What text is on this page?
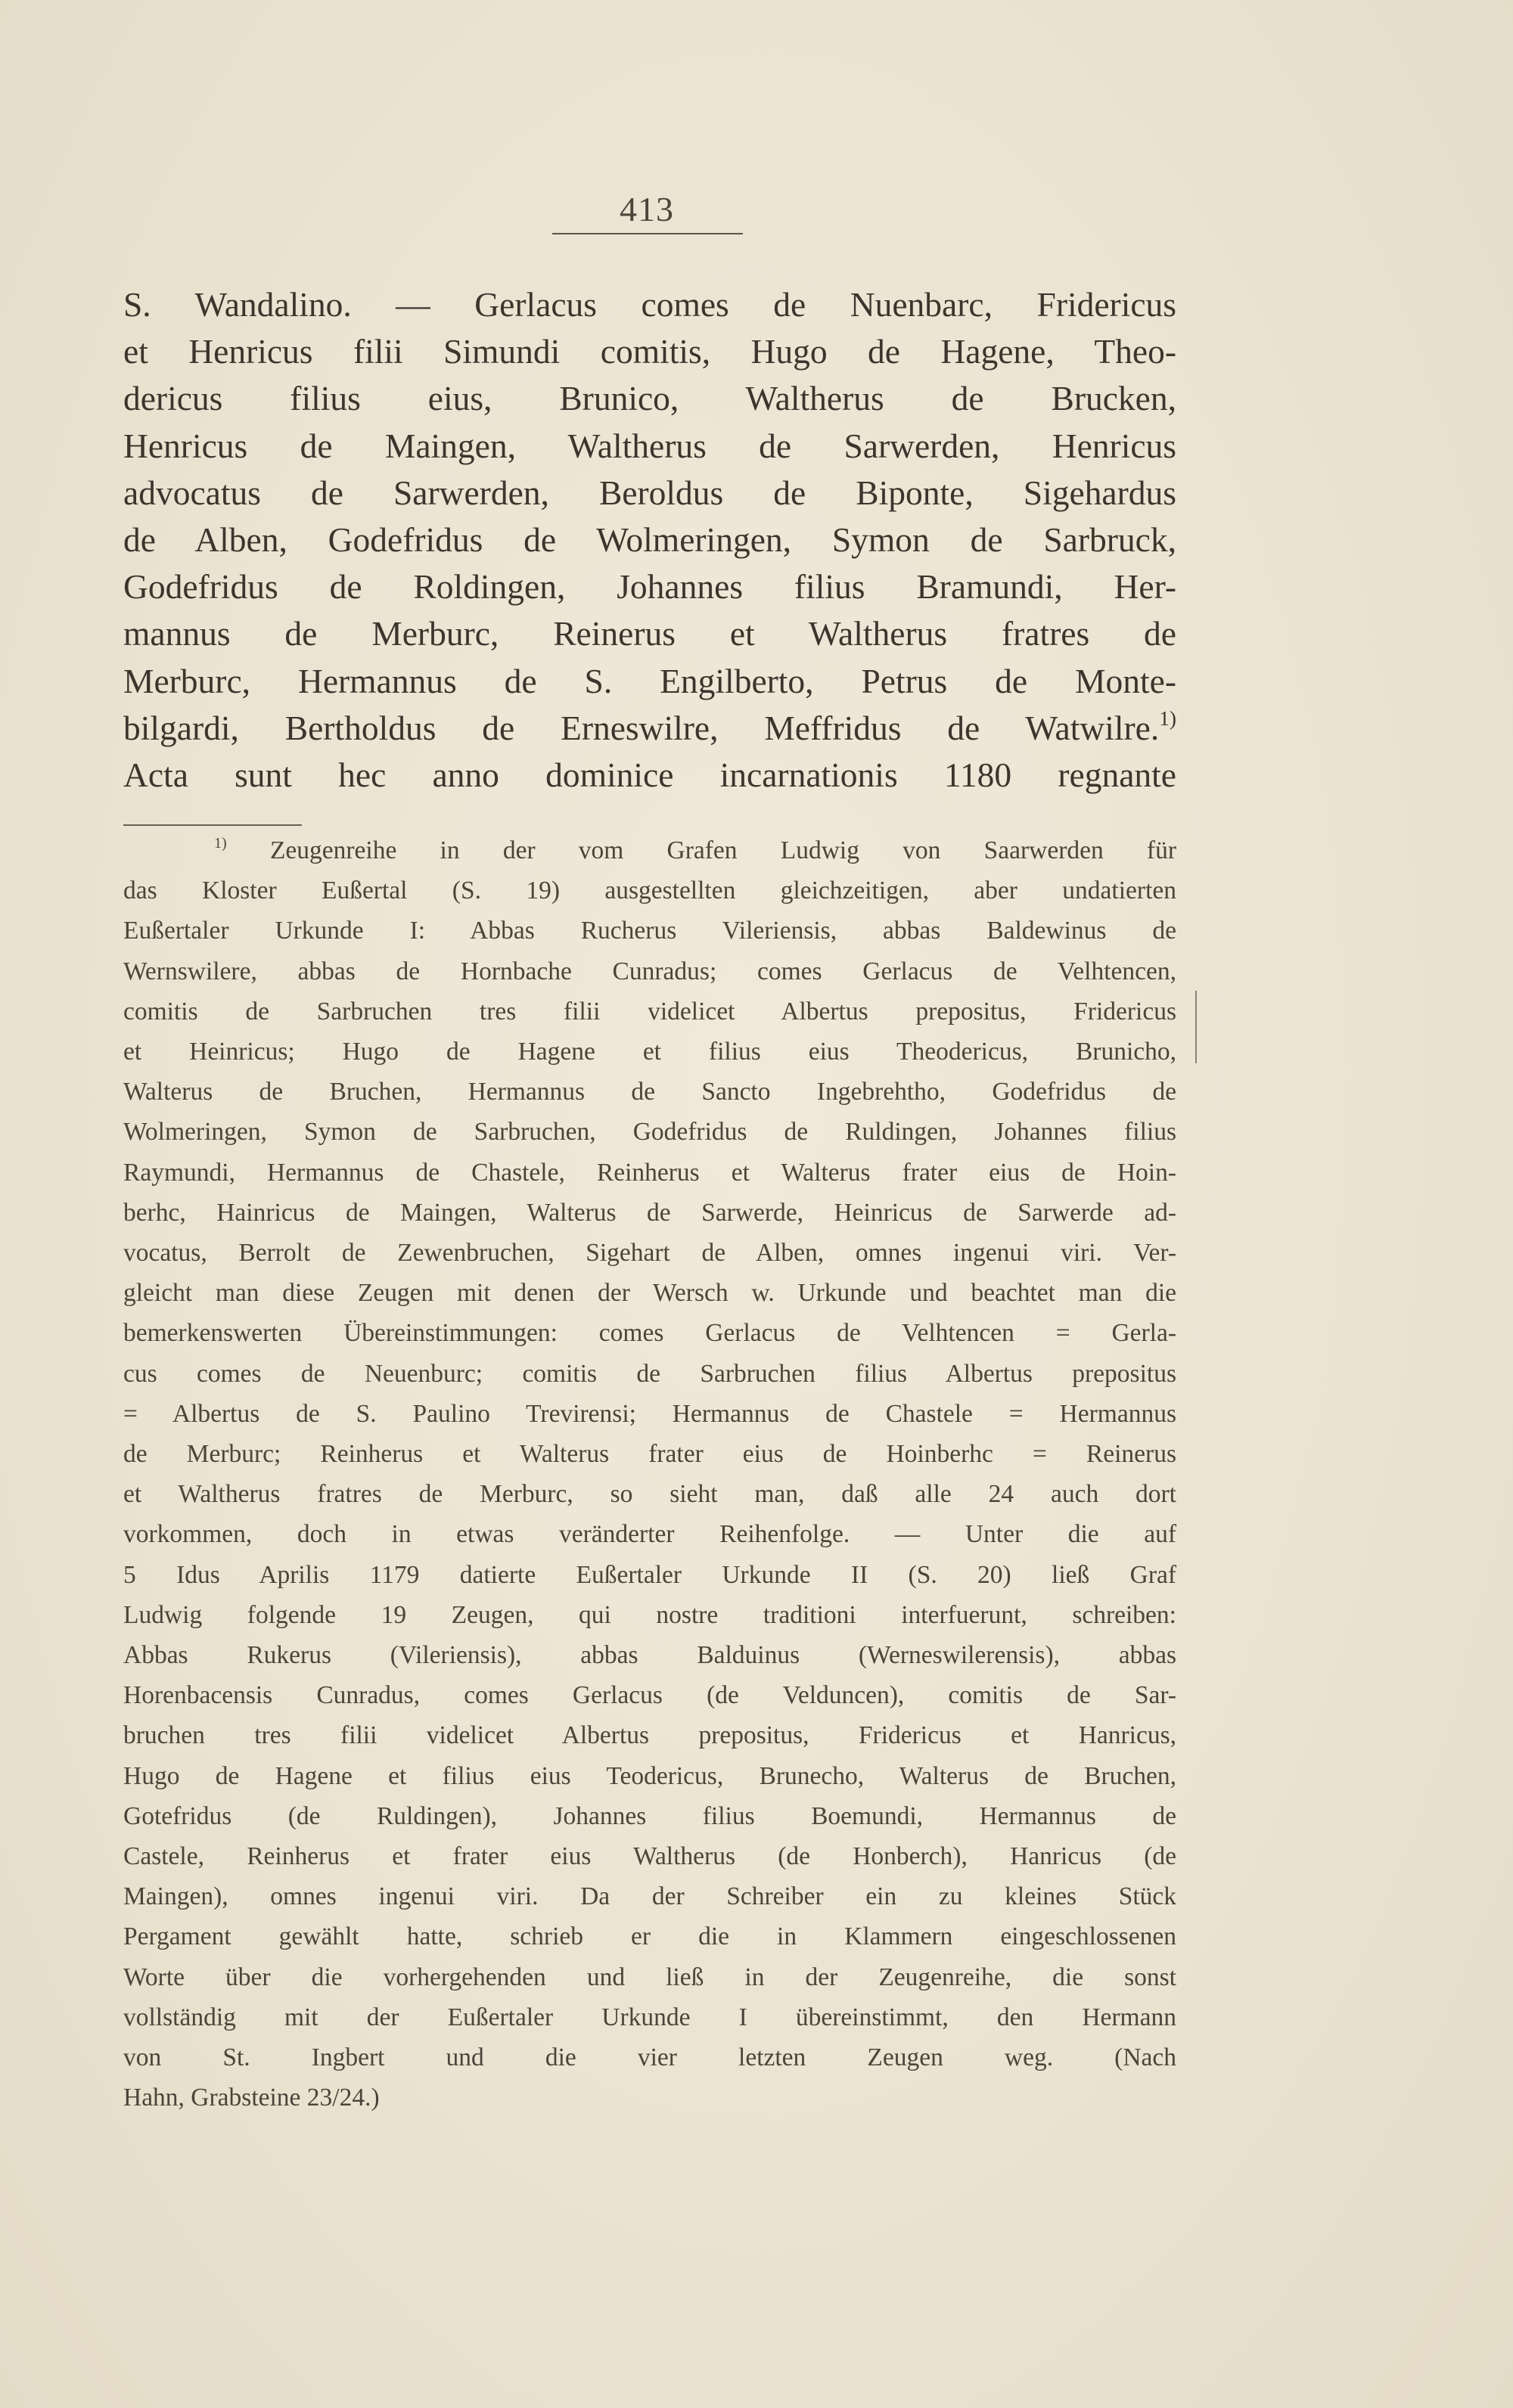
413
S. Wandalino. — Gerlacus comes de Nuenbarc, Fridericus
et Henricus filii Simundi comitis, Hugo de Hagene, Theo-
dericus filius eius, Brunico, Waltherus de Brucken,
Henricus de Maingen, Waltherus de Sarwerden, Henricus
advocatus de Sarwerden, Beroldus de Biponte, Sigehardus
de Alben, Godefridus de Wolmeringen, Symon de Sarbruck,
Godefridus de Roldingen, Johannes filius Bramundi, Her-
mannus de Merburc, Reinerus et Waltherus fratres de
Merburc, Hermannus de S. Engilberto, Petrus de Monte-
bilgardi, Bertholdus de Erneswilre, Meffridus de Watwilre.$^{1)}$
Acta sunt hec anno dominice incarnationis 1180 regnante
$^{1)}$ Zeugenreihe in der vom Grafen Ludwig von Saarwerden für
das Kloster Eußertal (S. 19) ausgestellten gleichzeitigen, aber undatierten
Eußertaler Urkunde I: Abbas Rucherus Vileriensis, abbas Baldewinus de
Wernswilere, abbas de Hornbache Cunradus; comes Gerlacus de Velhtencen,
comitis de Sarbruchen tres filii videlicet Albertus prepositus, Fridericus
et Heinricus; Hugo de Hagene et filius eius Theodericus, Brunicho,
Walterus de Bruchen, Hermannus de Sancto Ingebrehtho, Godefridus de
Wolmeringen, Symon de Sarbruchen, Godefridus de Ruldingen, Johannes filius
Raymundi, Hermannus de Chastele, Reinherus et Walterus frater eius de Hoin-
berhc, Hainricus de Maingen, Walterus de Sarwerde, Heinricus de Sarwerde ad-
vocatus, Berrolt de Zewenbruchen, Sigehart de Alben, omnes ingenui viri. Ver-
gleicht man diese Zeugen mit denen der Wersch w. Urkunde und beachtet man die
bemerkenswerten Übereinstimmungen: comes Gerlacus de Velhtencen = Gerla-
cus comes de Neuenburc; comitis de Sarbruchen filius Albertus prepositus
= Albertus de S. Paulino Trevirensi; Hermannus de Chastele = Hermannus
de Merburc; Reinherus et Walterus frater eius de Hoinberhc = Reinerus
et Waltherus fratres de Merburc, so sieht man, daß alle 24 auch dort
vorkommen, doch in etwas veränderter Reihenfolge. — Unter die auf
5 Idus Aprilis 1179 datierte Eußertaler Urkunde II (S. 20) ließ Graf
Ludwig folgende 19 Zeugen, qui nostre traditioni interfuerunt, schreiben:
Abbas Rukerus (Vileriensis), abbas Balduinus (Werneswilerensis), abbas
Horenbacensis Cunradus, comes Gerlacus (de Velduncen), comitis de Sar-
bruchen tres filii videlicet Albertus prepositus, Fridericus et Hanricus,
Hugo de Hagene et filius eius Teodericus, Brunecho, Walterus de Bruchen,
Gotefridus (de Ruldingen), Johannes filius Boemundi, Hermannus de
Castele, Reinherus et frater eius Waltherus (de Honberch), Hanricus (de
Maingen), omnes ingenui viri. Da der Schreiber ein zu kleines Stück
Pergament gewählt hatte, schrieb er die in Klammern eingeschlossenen
Worte über die vorhergehenden und ließ in der Zeugenreihe, die sonst
vollständig mit der Eußertaler Urkunde I übereinstimmt, den Hermann
von St. Ingbert und die vier letzten Zeugen weg. (Nach
Hahn, Grabsteine 23/24.)
